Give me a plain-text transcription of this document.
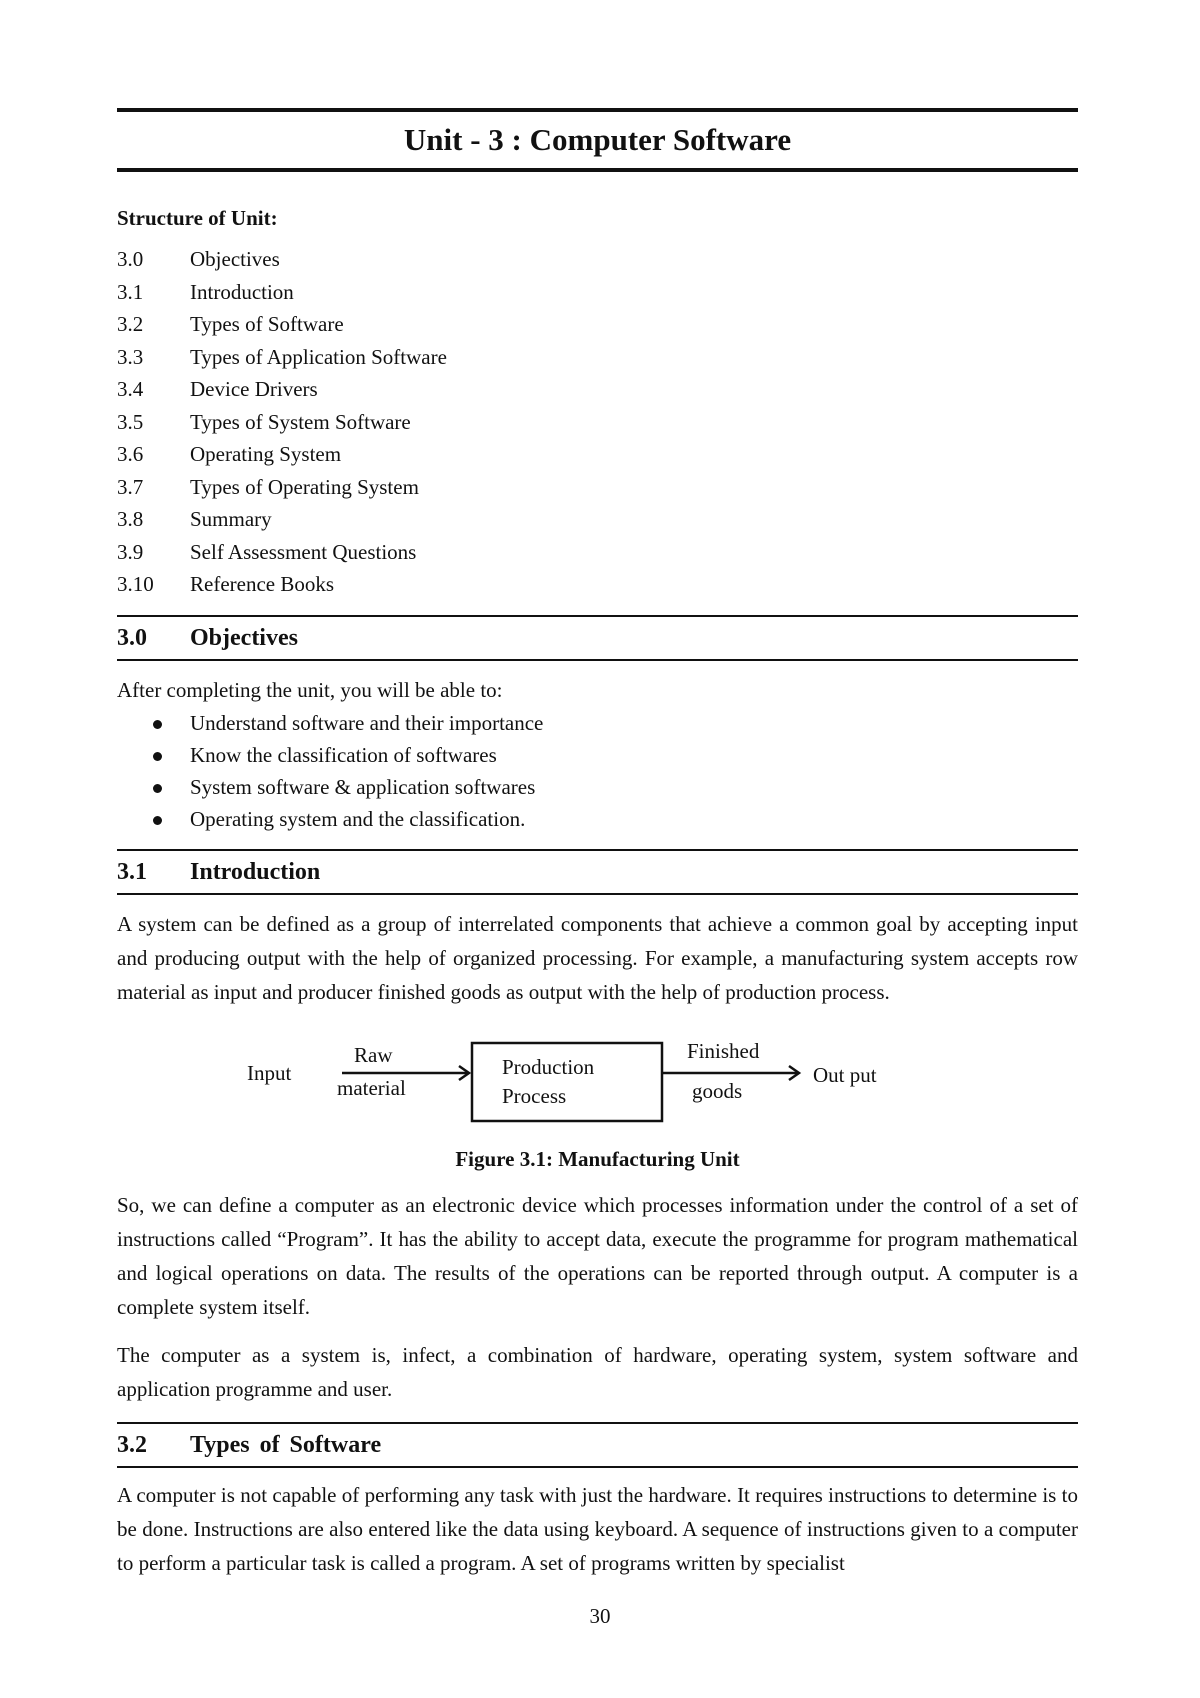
Unit - 3 : Computer Software
Structure of Unit:
3.0	Objectives
3.1	Introduction
3.2	Types of Software
3.3	Types of Application Software
3.4	Device Drivers
3.5	Types of System Software
3.6	Operating System
3.7	Types of Operating System
3.8	Summary
3.9	Self Assessment Questions
3.10	Reference Books
3.0	Objectives
After completing the unit, you will be able to:
Understand software and their importance
Know the classification of softwares
System software & application softwares
Operating system and the classification.
3.1	Introduction
A system can be defined as a group of interrelated components that achieve a common goal by accepting input and producing output with the help of organized processing. For example, a manufacturing system accepts row material as input and producer finished goods as output with the help of production process.
Input
Raw
material
Production
Process
Finished
goods
Out put
Figure 3.1: Manufacturing Unit
So, we can define a computer as an electronic device which processes information under the control of a set of instructions called “Program”. It has the ability to accept data, execute the programme for program mathematical and logical operations on data. The results of the operations can be reported through output. A computer is a complete system itself.
The computer as a system is, infect, a combination of hardware, operating system, system software and application programme and user.
3.2	Types of Software
A computer is not capable of performing any task with just the hardware. It requires instructions to determine is to be done. Instructions are also entered like the data using keyboard. A sequence of instructions given to a computer to perform a particular task is called a program. A set of programs written by specialist
30
